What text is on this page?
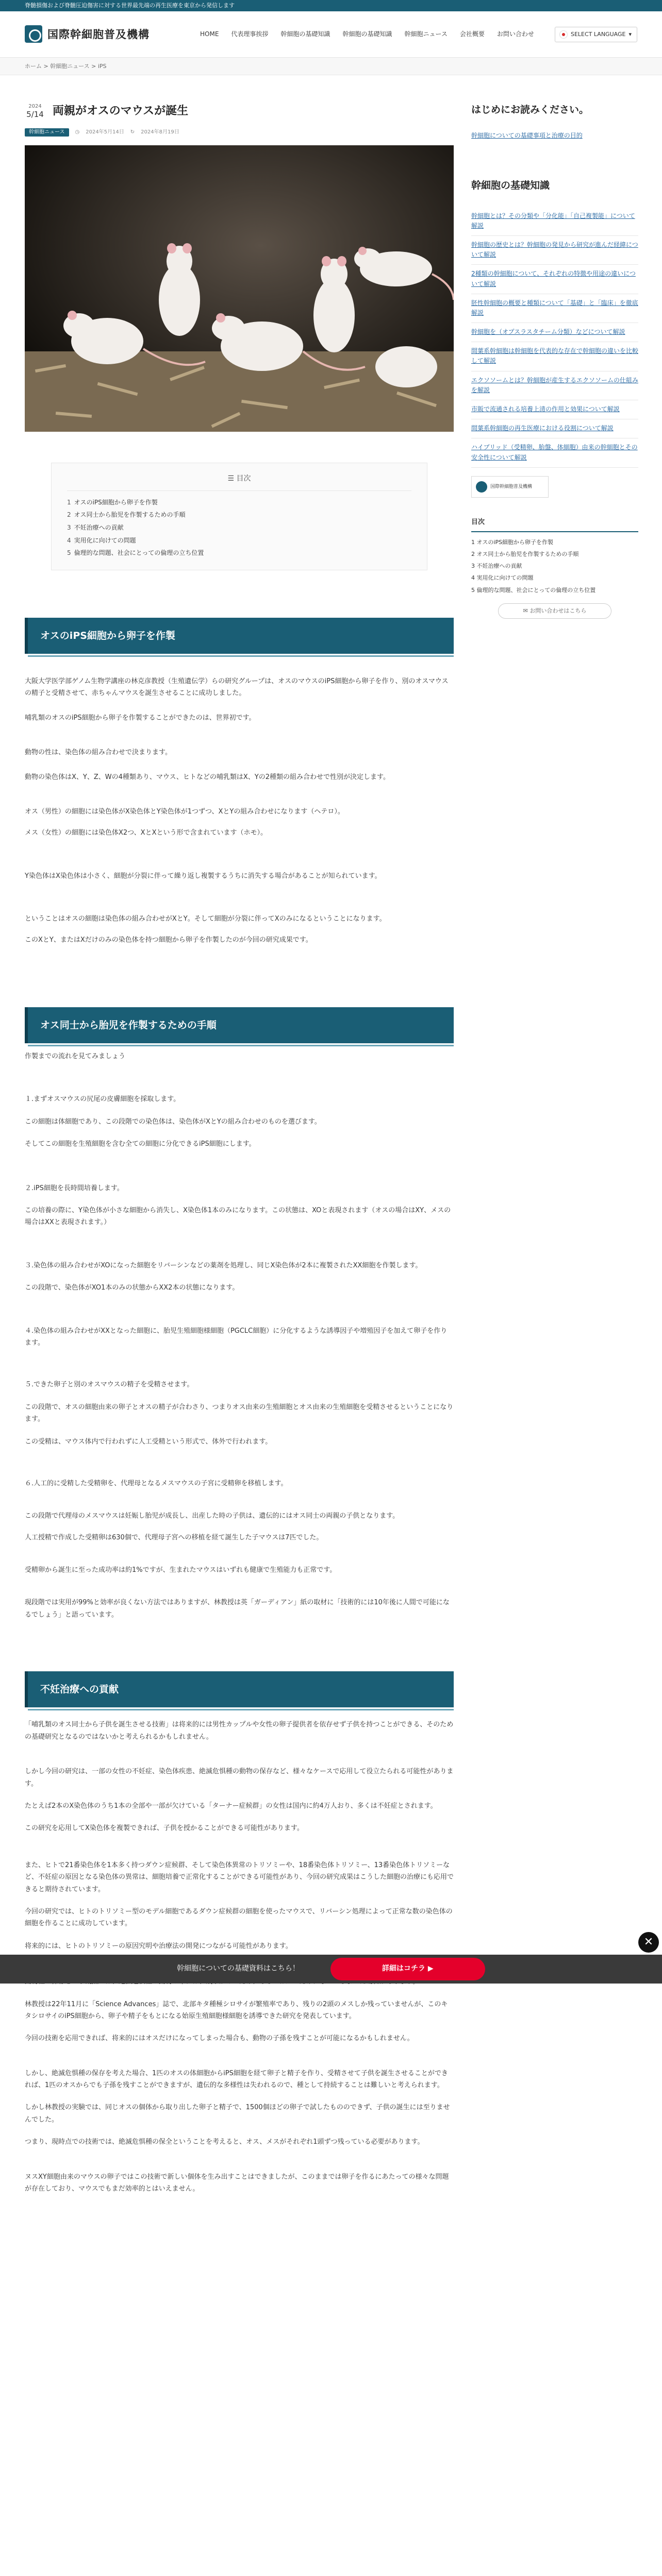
脊髄損傷および脊髄圧迫傷害に対する世界最先端の再生医療を東京から発信します
国際幹細胞普及機構	HOME 代表理事挨拶 幹細胞の基礎知識 幹細胞の基礎知識 幹細胞ニュース 会社概要 お問い合わせ	SELECT LANGUAGE ▾
ホーム > 幹細胞ニュース > iPS
2024
5/14 両親がオスのマウスが誕生
幹細胞ニュース	◷ 2024年5月14日 ↻ 2024年8月19日
☰ 目次
1 オスのiPS細胞から卵子を作製
2 オス同士から胎児を作製するための手順
3 不妊治療への貢献
4 実用化に向けての問題
5 倫理的な問題、社会にとっての倫理の立ち位置
オスのiPS細胞から卵子を作製

大阪大学医学部ゲノム生物学講座の林克彦教授（生殖遺伝学）らの研究グループは、オスのマウスのiPS細胞から卵子を作り、別のオスマウスの精子と受精させて、赤ちゃんマウスを誕生させることに成功しました。

哺乳類のオスのiPS細胞から卵子を作製することができたのは、世界初です。

動物の性は、染色体の組み合わせで決まります。

動物の染色体はX、Y、Z、Wの4種類あり、マウス、ヒトなどの哺乳類はX、Yの2種類の組み合わせで性別が決定します。

オス（男性）の細胞には染色体がX染色体とY染色体が1つずつ、XとYの組み合わせになります（ヘテロ）。

メス（女性）の細胞には染色体X2つ、XとXという形で含まれています（ホモ）。

Y染色体はX染色体は小さく、細胞が分裂に伴って繰り返し複製するうちに消失する場合があることが知られています。

ということはオスの細胞は染色体の組み合わせがXとY。そして細胞が分裂に伴ってXのみになるということになります。

このXとY、またはXだけのみの染色体を持つ細胞から卵子を作製したのが今回の研究成果です。

オス同士から胎児を作製するための手順

作製までの流れを見てみましょう

１.まずオスマウスの尻尾の皮膚細胞を採取します。

この細胞は体細胞であり、この段階での染色体は、染色体がXとYの組み合わせのものを選びます。

そしてこの細胞を生殖細胞を含む全ての細胞に分化できるiPS細胞にします。

２.iPS細胞を長時間培養します。

この培養の際に、Y染色体が小さな細胞から消失し、X染色体1本のみになります。この状態は、XOと表現されます（オスの場合はXY、メスの場合はXXと表現されます。）

３.染色体の組み合わせがXOになった細胞をリバーシンなどの薬剤を処理し、同じX染色体が2本に複製されたXX細胞を作製します。

この段階で、染色体がXO1本のみの状態からXX2本の状態になります。

４.染色体の組み合わせがXXとなった細胞に、胎児生殖細胞様細胞（PGCLC細胞）に分化するような誘導因子や増殖因子を加えて卵子を作ります。

５.できた卵子と別のオスマウスの精子を受精させます。

この段階で、オスの細胞由来の卵子とオスの精子が合わさり、つまりオス由来の生殖細胞とオス由来の生殖細胞を受精させるということになります。

この受精は、マウス体内で行われずに人工受精という形式で、体外で行われます。

６.人工的に受精した受精卵を、代理母となるメスマウスの子宮に受精卵を移植します。

この段階で代理母のメスマウスは妊娠し胎児が成長し、出産した時の子供は、遺伝的にはオス同士の両親の子供となります。

人工授精で作成した受精卵は630個で、代理母子宮への移植を経て誕生した子マウスは7匹でした。

受精卵から誕生に至った成功率は約1%ですが、生まれたマウスはいずれも健康で生殖能力も正常です。

現段階では実用が99%と効率が良くない方法ではありますが、林教授は英「ガーディアン」紙の取材に「技術的には10年後に人間で可能になるでしょう」と語っています。

不妊治療への貢献

「哺乳類のオス同士から子供を誕生させる技術」は将来的には男性カップルや女性の卵子提供者を依存せず子供を持つことができる、そのための基礎研究となるのではないかと考えられるかもしれません。

しかし今回の研究は、一部の女性の不妊症、染色体疾患、絶滅危惧種の動物の保存など、様々なケースで応用して役立たられる可能性があります。

たとえば2本のX染色体のうち1本の全部や一部が欠けている「ターナー症候群」の女性は国内に約4万人おり、多くは不妊症とされます。

この研究を応用してX染色体を複製できれば、子供を授かることができる可能性があります。

また、ヒトで21番染色体を1本多く持つダウン症候群、そして染色体異常のトリソミーや、18番染色体トリソミー、13番染色体トリソミーなど、不妊症の原因となる染色体の異常は、細胞培養で正常化することができる可能性があり、今回の研究成果はこうした細胞の治療にも応用できると期待されています。

今回の研究では、ヒトのトリソミー型のモデル細胞であるダウン症候群の細胞を使ったマウスで、リバーシン処理によって正常な数の染色体の細胞を作ることに成功しています。

将来的には、ヒトのトリソミーの原因究明や治療法の開発につながる可能性があります。

林教授は22年11月に「Science Advances」誌で、北部キタ種極シロサイが繁殖率であり、残りの2頭のメスしか残っていませんが、このキタシロサイのiPS細胞から、卵子や精子をもとになる始原生殖細胞様細胞を誘導できた研究を発表しています。

今回の技術を応用できれば、将来的にはオスだけになってしまった場合も、動物の子孫を残すことが可能になるかもしれません。

しかし、絶滅危惧種の保存を考えた場合、1匹のオスの体細胞からiPS細胞を経て卵子と精子を作り、受精させて子供を誕生させることができれば、1匹のオスからでも子孫を残すことができますが、遺伝的な多様性は失われるので、種として持続することは難しいと考えられます。

しかし林教授の実験では、同じオスの個体から取り出した卵子と精子で、1500個ほどの卵子で試したもののできず、子供の誕生には至りませんでした。

つまり、現時点での技術では、絶滅危惧種の保全ということを考えると、オス、メスがそれぞれ1頭ずつ残っている必要があります。

ヌスXY細胞由来のマウスの卵子ではこの技術で新しい個体を生み出すことはできましたが、このままでは卵子を作るにあたっての様々な問題が存在しており、マウスでもまだ効率的とはいえません。

はじめにお読みください。
幹細胞についての基礎事項と治療の目的
幹細胞の基礎知識
幹細胞とは？その分類や「分化能」「自己複製能」について解説
幹細胞の歴史とは？幹細胞の発見から研究が進んだ経緯について解説
2種類の幹細胞について、それぞれの特徴や用途の違いについて解説
胚性幹細胞の概要と種類について「基礎」と「臨床」を徹底解説
幹細胞を（オプスラスタチーム分類）などについて解説
間葉系幹細胞は幹細胞を代表的な存在で幹細胞の違いを比較して解説
エクソソームとは？幹細胞が産生するエクソソームの仕組みを解説
市販で流通される培養上清の作用と効果について解説
間葉系幹細胞の再生医療における役割について解説
ハイブリッド（受精卵、胎盤、体細胞）由来の幹細胞とその安全性について解説
国際幹細胞普及機構
目次
1 オスのiPS細胞から卵子を作製
2 オス同士から胎児を作製するための手順
3 不妊治療への貢献
4 実用化に向けての問題
5 倫理的な問題、社会にとっての倫理の立ち位置
✉ お問い合わせはこちら
✕
幹細胞についての基礎資料はこちら！	詳細はコチラ ▶
